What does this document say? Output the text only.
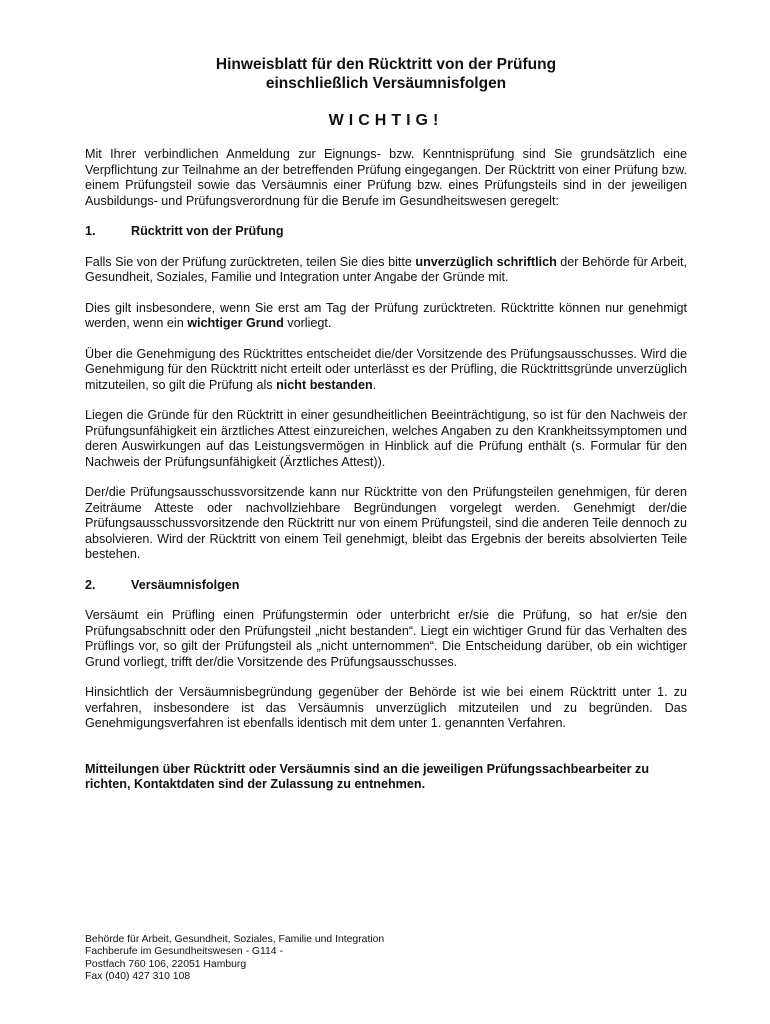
Hinweisblatt für den Rücktritt von der Prüfung
einschließlich Versäumnisfolgen
WICHTIG!

Mit Ihrer verbindlichen Anmeldung zur Eignungs- bzw. Kenntnisprüfung sind Sie grundsätzlich eine Verpflichtung zur Teilnahme an der betreffenden Prüfung eingegangen. Der Rücktritt von einer Prüfung bzw. einem Prüfungsteil sowie das Versäumnis einer Prüfung bzw. eines Prüfungsteils sind in der jeweiligen Ausbildungs- und Prüfungsverordnung für die Berufe im Gesundheitswesen geregelt:

1.	Rücktritt von der Prüfung

Falls Sie von der Prüfung zurücktreten, teilen Sie dies bitte unverzüglich schriftlich der Behörde für Arbeit, Gesundheit, Soziales, Familie und Integration unter Angabe der Gründe mit.

Dies gilt insbesondere, wenn Sie erst am Tag der Prüfung zurücktreten. Rücktritte können nur genehmigt werden, wenn ein wichtiger Grund vorliegt.

Über die Genehmigung des Rücktrittes entscheidet die/der Vorsitzende des Prüfungsausschusses. Wird die Genehmigung für den Rücktritt nicht erteilt oder unterlässt es der Prüfling, die Rücktrittsgründe unverzüglich mitzuteilen, so gilt die Prüfung als nicht bestanden.

Liegen die Gründe für den Rücktritt in einer gesundheitlichen Beeinträchtigung, so ist für den Nachweis der Prüfungsunfähigkeit ein ärztliches Attest einzureichen, welches Angaben zu den Krankheitssymptomen und deren Auswirkungen auf das Leistungsvermögen in Hinblick auf die Prüfung enthält (s. Formular für den Nachweis der Prüfungsunfähigkeit (Ärztliches Attest)).

Der/die Prüfungsausschussvorsitzende kann nur Rücktritte von den Prüfungsteilen genehmigen, für deren Zeiträume Atteste oder nachvollziehbare Begründungen vorgelegt werden. Genehmigt der/die Prüfungsausschussvorsitzende den Rücktritt nur von einem Prüfungsteil, sind die anderen Teile dennoch zu absolvieren. Wird der Rücktritt von einem Teil genehmigt, bleibt das Ergebnis der bereits absolvierten Teile bestehen.

2.	Versäumnisfolgen

Versäumt ein Prüfling einen Prüfungstermin oder unterbricht er/sie die Prüfung, so hat er/sie den Prüfungsabschnitt oder den Prüfungsteil „nicht bestanden“. Liegt ein wichtiger Grund für das Verhalten des Prüflings vor, so gilt der Prüfungsteil als „nicht unternommen“. Die Entscheidung darüber, ob ein wichtiger Grund vorliegt, trifft der/die Vorsitzende des Prüfungsausschusses.

Hinsichtlich der Versäumnisbegründung gegenüber der Behörde ist wie bei einem Rücktritt unter 1. zu verfahren, insbesondere ist das Versäumnis unverzüglich mitzuteilen und zu begründen. Das Genehmigungsverfahren ist ebenfalls identisch mit dem unter 1. genannten Verfahren.

Mitteilungen über Rücktritt oder Versäumnis sind an die jeweiligen Prüfungssachbearbeiter zu richten, Kontaktdaten sind der Zulassung zu entnehmen.
Behörde für Arbeit, Gesundheit, Soziales, Familie und Integration
Fachberufe im Gesundheitswesen - G114 -
Postfach 760 106, 22051 Hamburg
Fax (040) 427 310 108
